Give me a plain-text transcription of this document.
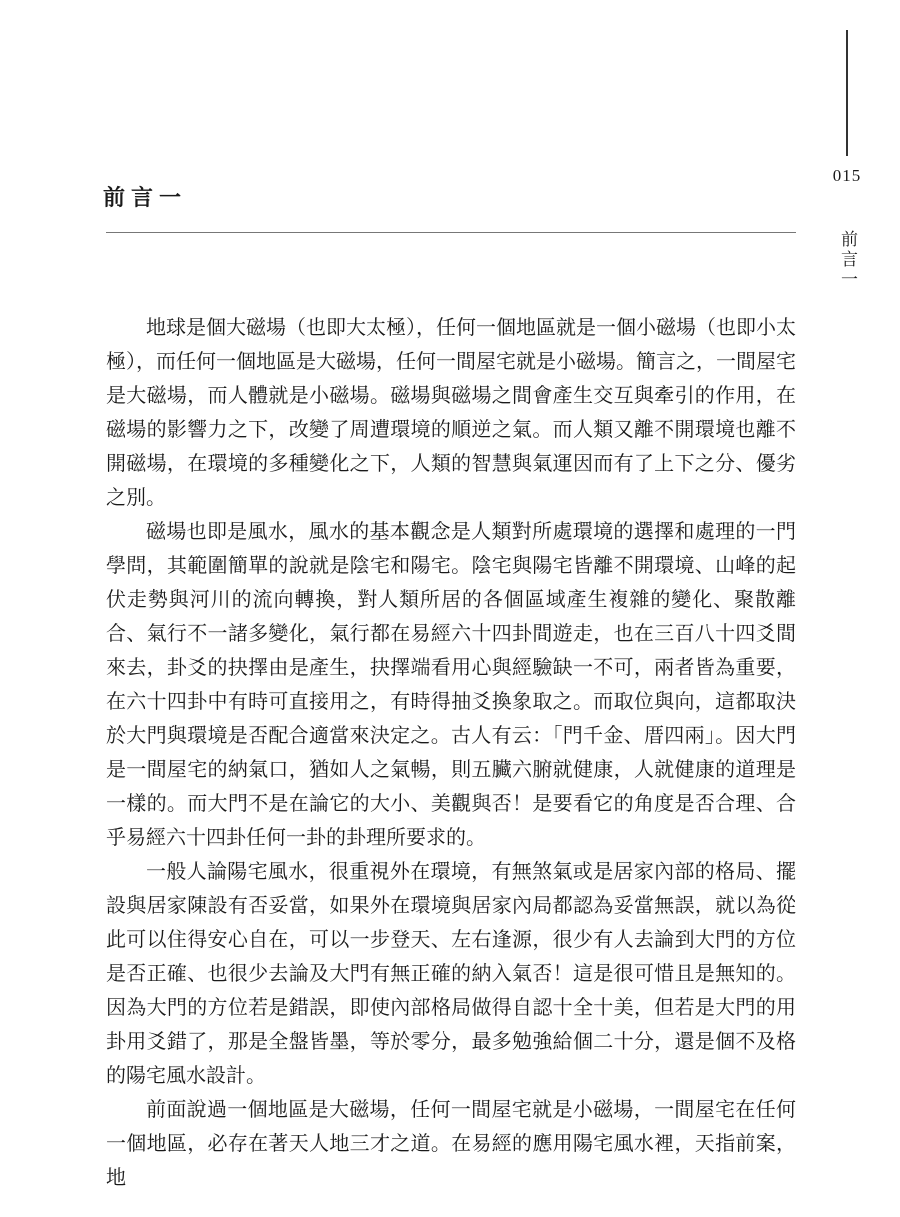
015
前言一
前言一

地球是個大磁場（也即大太極），任何一個地區就是一個小磁場（也即小太極），而任何一個地區是大磁場，任何一間屋宅就是小磁場。簡言之，一間屋宅是大磁場，而人體就是小磁場。磁場與磁場之間會產生交互與牽引的作用，在磁場的影響力之下，改變了周遭環境的順逆之氣。而人類又離不開環境也離不開磁場，在環境的多種變化之下，人類的智慧與氣運因而有了上下之分、優劣之別。

磁場也即是風水，風水的基本觀念是人類對所處環境的選擇和處理的一門學問，其範圍簡單的說就是陰宅和陽宅。陰宅與陽宅皆離不開環境、山峰的起伏走勢與河川的流向轉換，對人類所居的各個區域產生複雜的變化、聚散離合、氣行不一諸多變化，氣行都在易經六十四卦間遊走，也在三百八十四爻間來去，卦爻的抉擇由是產生，抉擇端看用心與經驗缺一不可，兩者皆為重要，在六十四卦中有時可直接用之，有時得抽爻換象取之。而取位與向，這都取決於大門與環境是否配合適當來決定之。古人有云：「門千金、厝四兩」。因大門是一間屋宅的納氣口，猶如人之氣暢，則五臟六腑就健康，人就健康的道理是一樣的。而大門不是在論它的大小、美觀與否！是要看它的角度是否合理、合乎易經六十四卦任何一卦的卦理所要求的。

一般人論陽宅風水，很重視外在環境，有無煞氣或是居家內部的格局、擺設與居家陳設有否妥當，如果外在環境與居家內局都認為妥當無誤，就以為從此可以住得安心自在，可以一步登天、左右逢源，很少有人去論到大門的方位是否正確、也很少去論及大門有無正確的納入氣否！這是很可惜且是無知的。因為大門的方位若是錯誤，即使內部格局做得自認十全十美，但若是大門的用卦用爻錯了，那是全盤皆墨，等於零分，最多勉強給個二十分，還是個不及格的陽宅風水設計。

前面說過一個地區是大磁場，任何一間屋宅就是小磁場，一間屋宅在任何一個地區，必存在著天人地三才之道。在易經的應用陽宅風水裡，天指前案，地
